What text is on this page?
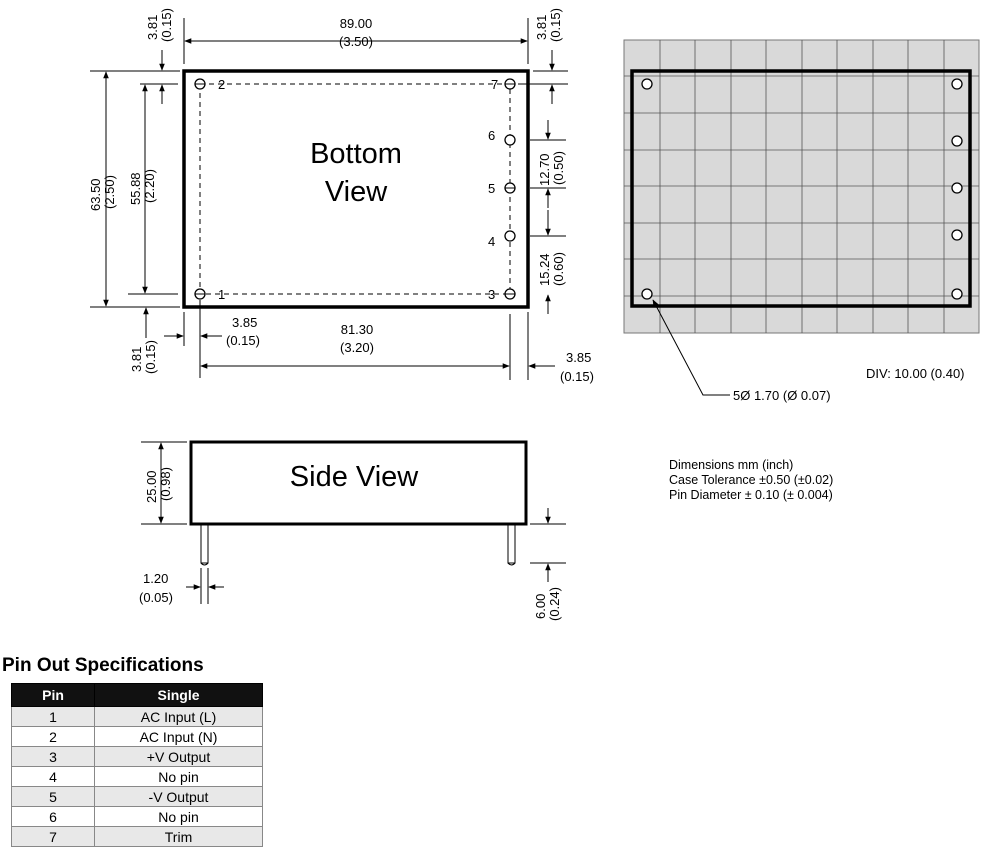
2
1
7
6
5
4
3
Bottom
View
89.00
(3.50)
3.81 (0.15)	3.81 (0.15)
63.50 (2.50) 55.88 (2.20)	12.70 (0.50)
15.24 (0.60)
3.81 (0.15)
3.85
(0.15)
81.30
(3.20)
3.85
(0.15)
5Ø 1.70 (Ø 0.07)
DIV: 10.00 (0.40)
Side View
25.00 (0.98)
6.00 (0.24)
1.20
(0.05)
Dimensions mm (inch)
Case Tolerance ±0.50 (±0.02)
Pin Diameter ± 0.10 (± 0.004)
Pin Out Specifications
Pin	Single
1	AC Input (L)
2	AC Input (N)
3	+V Output
4	No pin
5	-V Output
6	No pin
7	Trim
